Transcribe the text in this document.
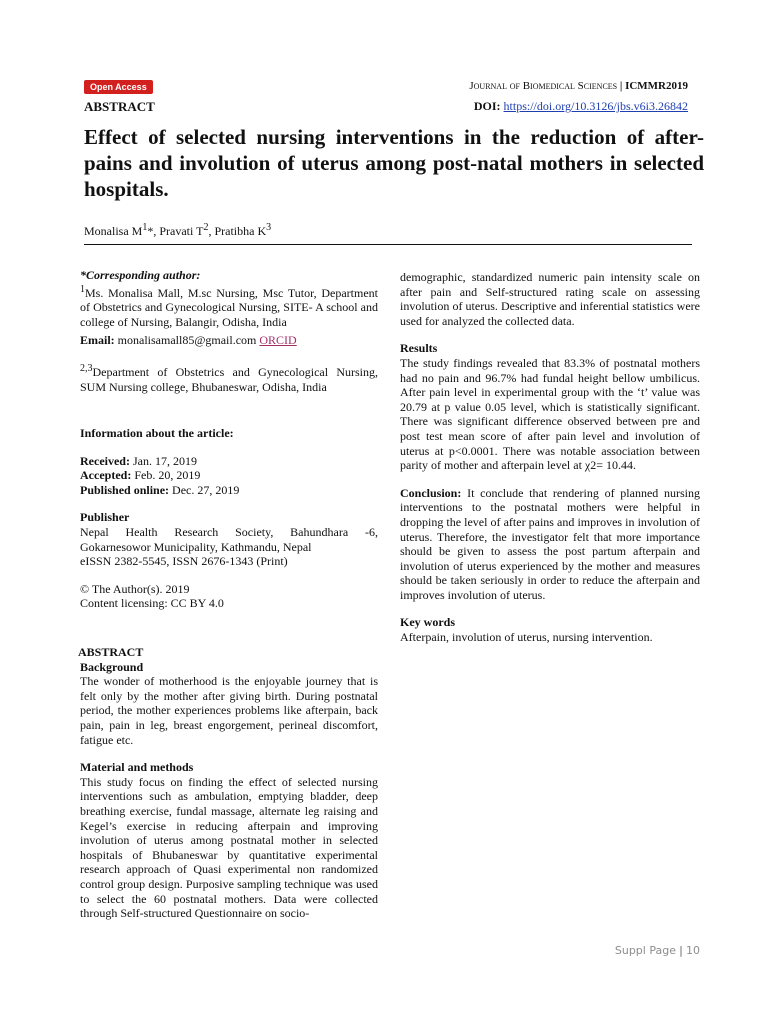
Open Access
ABSTRACT
Journal of Biomedical Sciences | ICMMR2019
DOI: https://doi.org/10.3126/jbs.v6i3.26842
Effect of selected nursing interventions in the reduction of after-pains and involution of uterus among post-natal mothers in selected hospitals.
Monalisa $M^1*$, Pravati $T^2$, Pratibha $K^3$

*Corresponding author:

$^1$Ms. Monalisa Mall, M.sc Nursing, Msc Tutor, Department of Obstetrics and Gynecological Nursing, SITE- A school and college of Nursing, Balangir, Odisha, India

Email: monalisamall85@gmail.com ORCID

$^{2,3}$Department of Obstetrics and Gynecological Nursing, SUM Nursing college, Bhubaneswar, Odisha, India

Information about the article:

Received: Jan. 17, 2019

Accepted: Feb. 20, 2019

Published online: Dec. 27, 2019

Publisher

Nepal Health Research Society, Bahundhara -6, Gokarnesowor Municipality, Kathmandu, Nepal

eISSN 2382-5545, ISSN 2676-1343 (Print)

© The Author(s). 2019

Content licensing: CC BY 4.0

ABSTRACT

Background

The wonder of motherhood is the enjoyable journey that is felt only by the mother after giving birth. During postnatal period, the mother experiences problems like afterpain, back pain, pain in leg, breast engorgement, perineal discomfort, fatigue etc.

Material and methods

This study focus on finding the effect of selected nursing interventions such as ambulation, emptying bladder, deep breathing exercise, fundal massage, alternate leg raising and Kegel’s exercise in reducing afterpain and improving involution of uterus among postnatal mother in selected hospitals of Bhubaneswar by quantitative experimental research approach of Quasi experimental non randomized control group design. Purposive sampling technique was used to select the 60 postnatal mothers. Data were collected through Self-structured Questionnaire on socio-

demographic, standardized numeric pain intensity scale on after pain and Self-structured rating scale on assessing involution of uterus. Descriptive and inferential statistics were used for analyzed the collected data.

Results

The study findings revealed that 83.3% of postnatal mothers had no pain and 96.7% had fundal height bellow umbilicus. After pain level in experimental group with the ‘t’ value was 20.79 at p value 0.05 level, which is statistically significant. There was significant difference observed between pre and post test mean score of after pain level and involution of uterus at p<0.0001. There was notable association between parity of mother and afterpain level at χ2= 10.44.

Conclusion: It conclude that rendering of planned nursing interventions to the postnatal mothers were helpful in dropping the level of after pains and improves in involution of uterus. Therefore, the investigator felt that more importance should be given to assess the post partum afterpain and involution of uterus experienced by the mother and measures should be taken seriously in order to reduce the afterpain and improves involution of uterus.

Key words

Afterpain, involution of uterus, nursing intervention.

Suppl Page | 10
